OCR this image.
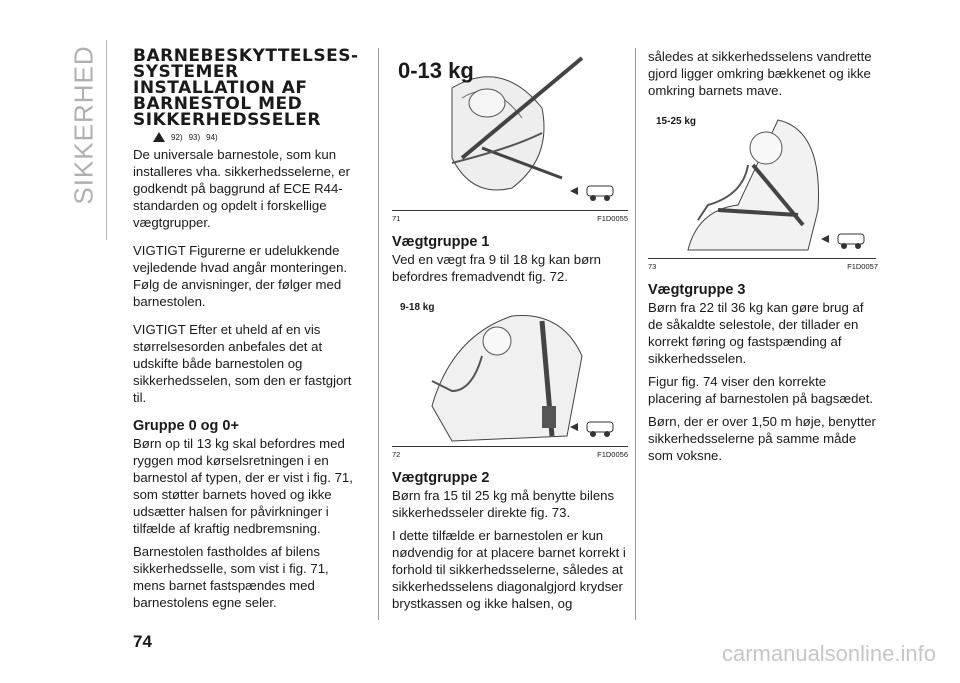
SIKKERHED BARNEBESKYTTELSES-SYSTEMER INSTALLATION AF BARNESTOL MED SIKKERHEDSSELER
92) 93) 94)

De universale barnestole, som kun installeres vha. sikkerhedsselerne, er godkendt på baggrund af ECE R44-standarden og opdelt i forskellige vægtgrupper.

VIGTIGT Figurerne er udelukkende vejledende hvad angår monteringen. Følg de anvisninger, der følger med barnestolen.

VIGTIGT Efter et uheld af en vis størrelsesorden anbefales det at udskifte både barnestolen og sikkerhedsselen, som den er fastgjort til.

Gruppe 0 og 0+

Børn op til 13 kg skal befordres med ryggen mod kørselsretningen i en barnestol af typen, der er vist i fig. 71, som støtter barnets hoved og ikke udsætter halsen for påvirkninger i tilfælde af kraftig nedbremsning.

Barnestolen fastholdes af bilens sikkerhedsselle, som vist i fig. 71, mens barnet fastspændes med barnestolens egne seler.

0-13 kg
71	F1D0055
Vægtgruppe 1

Ved en vægt fra 9 til 18 kg kan børn befordres fremadvendt fig. 72.

9-18 kg
72	F1D0056
Vægtgruppe 2

Børn fra 15 til 25 kg må benytte bilens sikkerhedsseler direkte fig. 73.

I dette tilfælde er barnestolen er kun nødvendig for at placere barnet korrekt i forhold til sikkerhedsselerne, således at sikkerhedsselens diagonalgjord krydser brystkassen og ikke halsen, og

således at sikkerhedsselens vandrette gjord ligger omkring bækkenet og ikke omkring barnets mave.

15-25 kg
73	F1D0057
Vægtgruppe 3

Børn fra 22 til 36 kg kan gøre brug af de såkaldte selestole, der tillader en korrekt føring og fastspænding af sikkerhedsselen.

Figur fig. 74 viser den korrekte placering af barnestolen på bagsædet.

Børn, der er over 1,50 m høje, benytter sikkerhedsselerne på samme måde som voksne.

74	carmanualsonline.info
